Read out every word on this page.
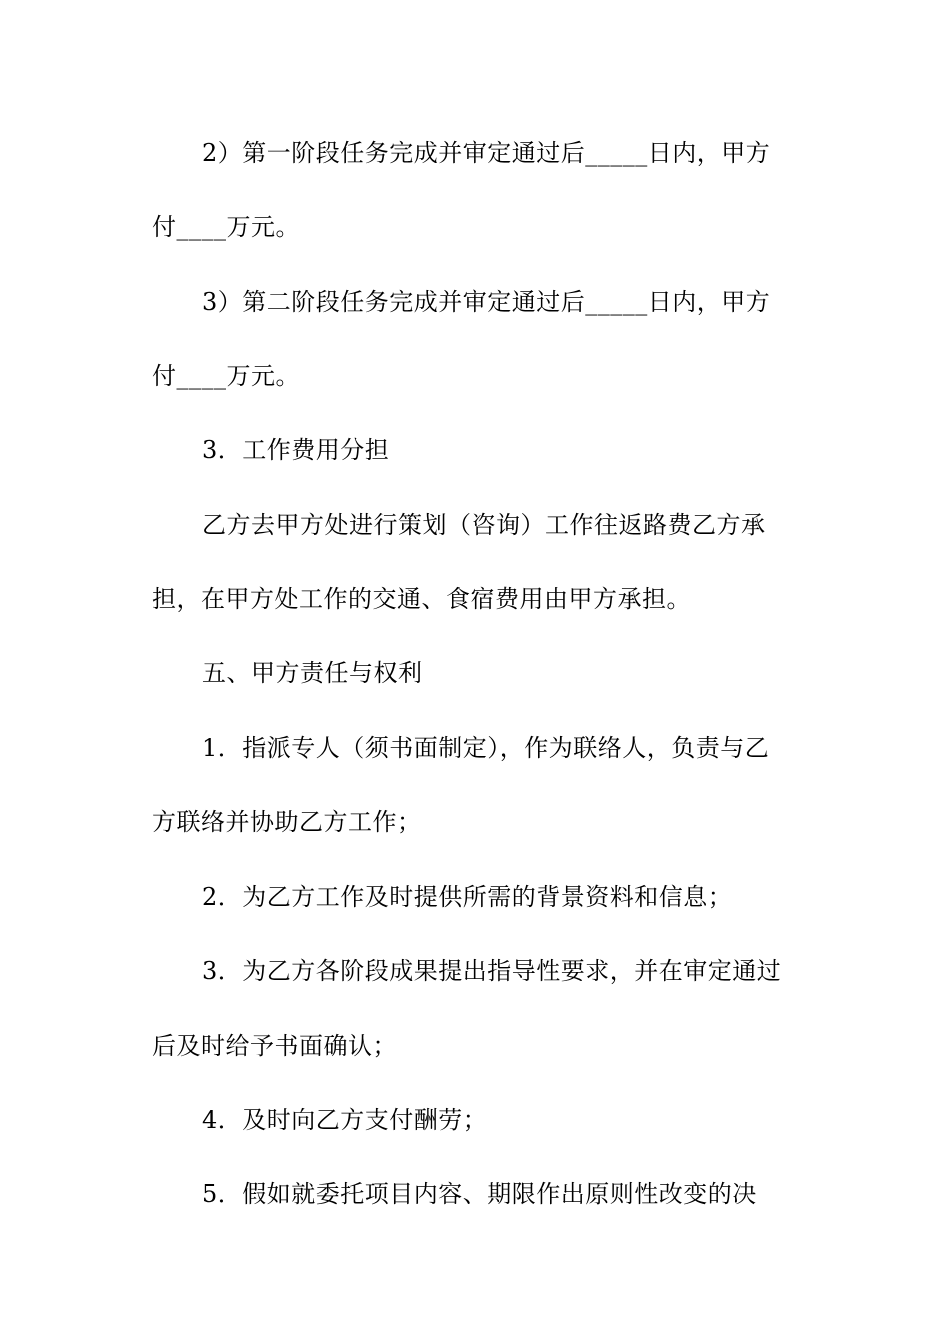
2）第一阶段任务完成并审定通过后_____日内，甲方
付____万元。
3）第二阶段任务完成并审定通过后_____日内，甲方
付____万元。
3．工作费用分担
乙方去甲方处进行策划（咨询）工作往返路费乙方承
担，在甲方处工作的交通、食宿费用由甲方承担。
五、甲方责任与权利
1．指派专人（须书面制定），作为联络人，负责与乙
方联络并协助乙方工作；
2．为乙方工作及时提供所需的背景资料和信息；
3．为乙方各阶段成果提出指导性要求，并在审定通过
后及时给予书面确认；
4．及时向乙方支付酬劳；
5．假如就委托项目内容、期限作出原则性改变的决
